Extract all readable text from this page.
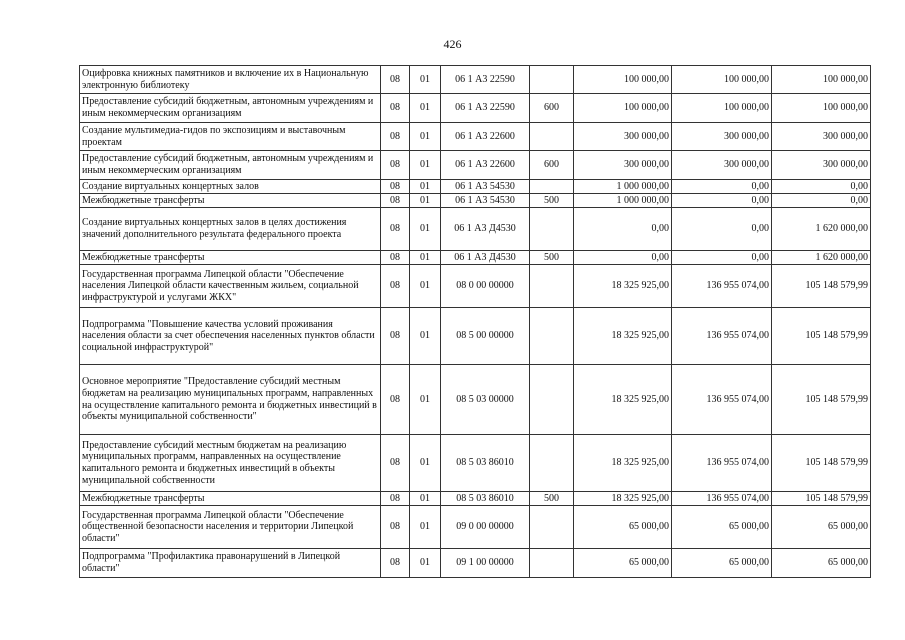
426
Оцифровка книжных памятников и включение их в Национальную электронную библиотеку	08	01	06 1 А3 22590		100 000,00	100 000,00	100 000,00
Предоставление субсидий бюджетным, автономным учреждениям и иным некоммерческим организациям	08	01	06 1 А3 22590	600	100 000,00	100 000,00	100 000,00
Создание мультимедиа-гидов по экспозициям и выставочным проектам	08	01	06 1 А3 22600		300 000,00	300 000,00	300 000,00
Предоставление субсидий бюджетным, автономным учреждениям и иным некоммерческим организациям	08	01	06 1 А3 22600	600	300 000,00	300 000,00	300 000,00
Создание виртуальных концертных залов	08	01	06 1 А3 54530		1 000 000,00	0,00	0,00
Межбюджетные трансферты	08	01	06 1 А3 54530	500	1 000 000,00	0,00	0,00
Создание виртуальных концертных залов в целях достижения значений дополнительного результата федерального проекта	08	01	06 1 А3 Д4530		0,00	0,00	1 620 000,00
Межбюджетные трансферты	08	01	06 1 А3 Д4530	500	0,00	0,00	1 620 000,00
Государственная программа Липецкой области "Обеспечение населения Липецкой области качественным жильем, социальной инфраструктурой и услугами ЖКХ"	08	01	08 0 00 00000		18 325 925,00	136 955 074,00	105 148 579,99
Подпрограмма "Повышение качества условий проживания населения области за счет обеспечения населенных пунктов области социальной инфраструктурой"	08	01	08 5 00 00000		18 325 925,00	136 955 074,00	105 148 579,99
Основное мероприятие "Предоставление субсидий местным бюджетам на реализацию муниципальных программ, направленных на осуществление капитального ремонта и бюджетных инвестиций в объекты муниципальной собственности"	08	01	08 5 03 00000		18 325 925,00	136 955 074,00	105 148 579,99
Предоставление субсидий местным бюджетам на реализацию муниципальных программ, направленных на осуществление капитального ремонта и бюджетных инвестиций в объекты муниципальной собственности	08	01	08 5 03 86010		18 325 925,00	136 955 074,00	105 148 579,99
Межбюджетные трансферты	08	01	08 5 03 86010	500	18 325 925,00	136 955 074,00	105 148 579,99
Государственная программа Липецкой области "Обеспечение общественной безопасности населения и территории Липецкой области"	08	01	09 0 00 00000		65 000,00	65 000,00	65 000,00
Подпрограмма "Профилактика правонарушений в Липецкой области"	08	01	09 1 00 00000		65 000,00	65 000,00	65 000,00
